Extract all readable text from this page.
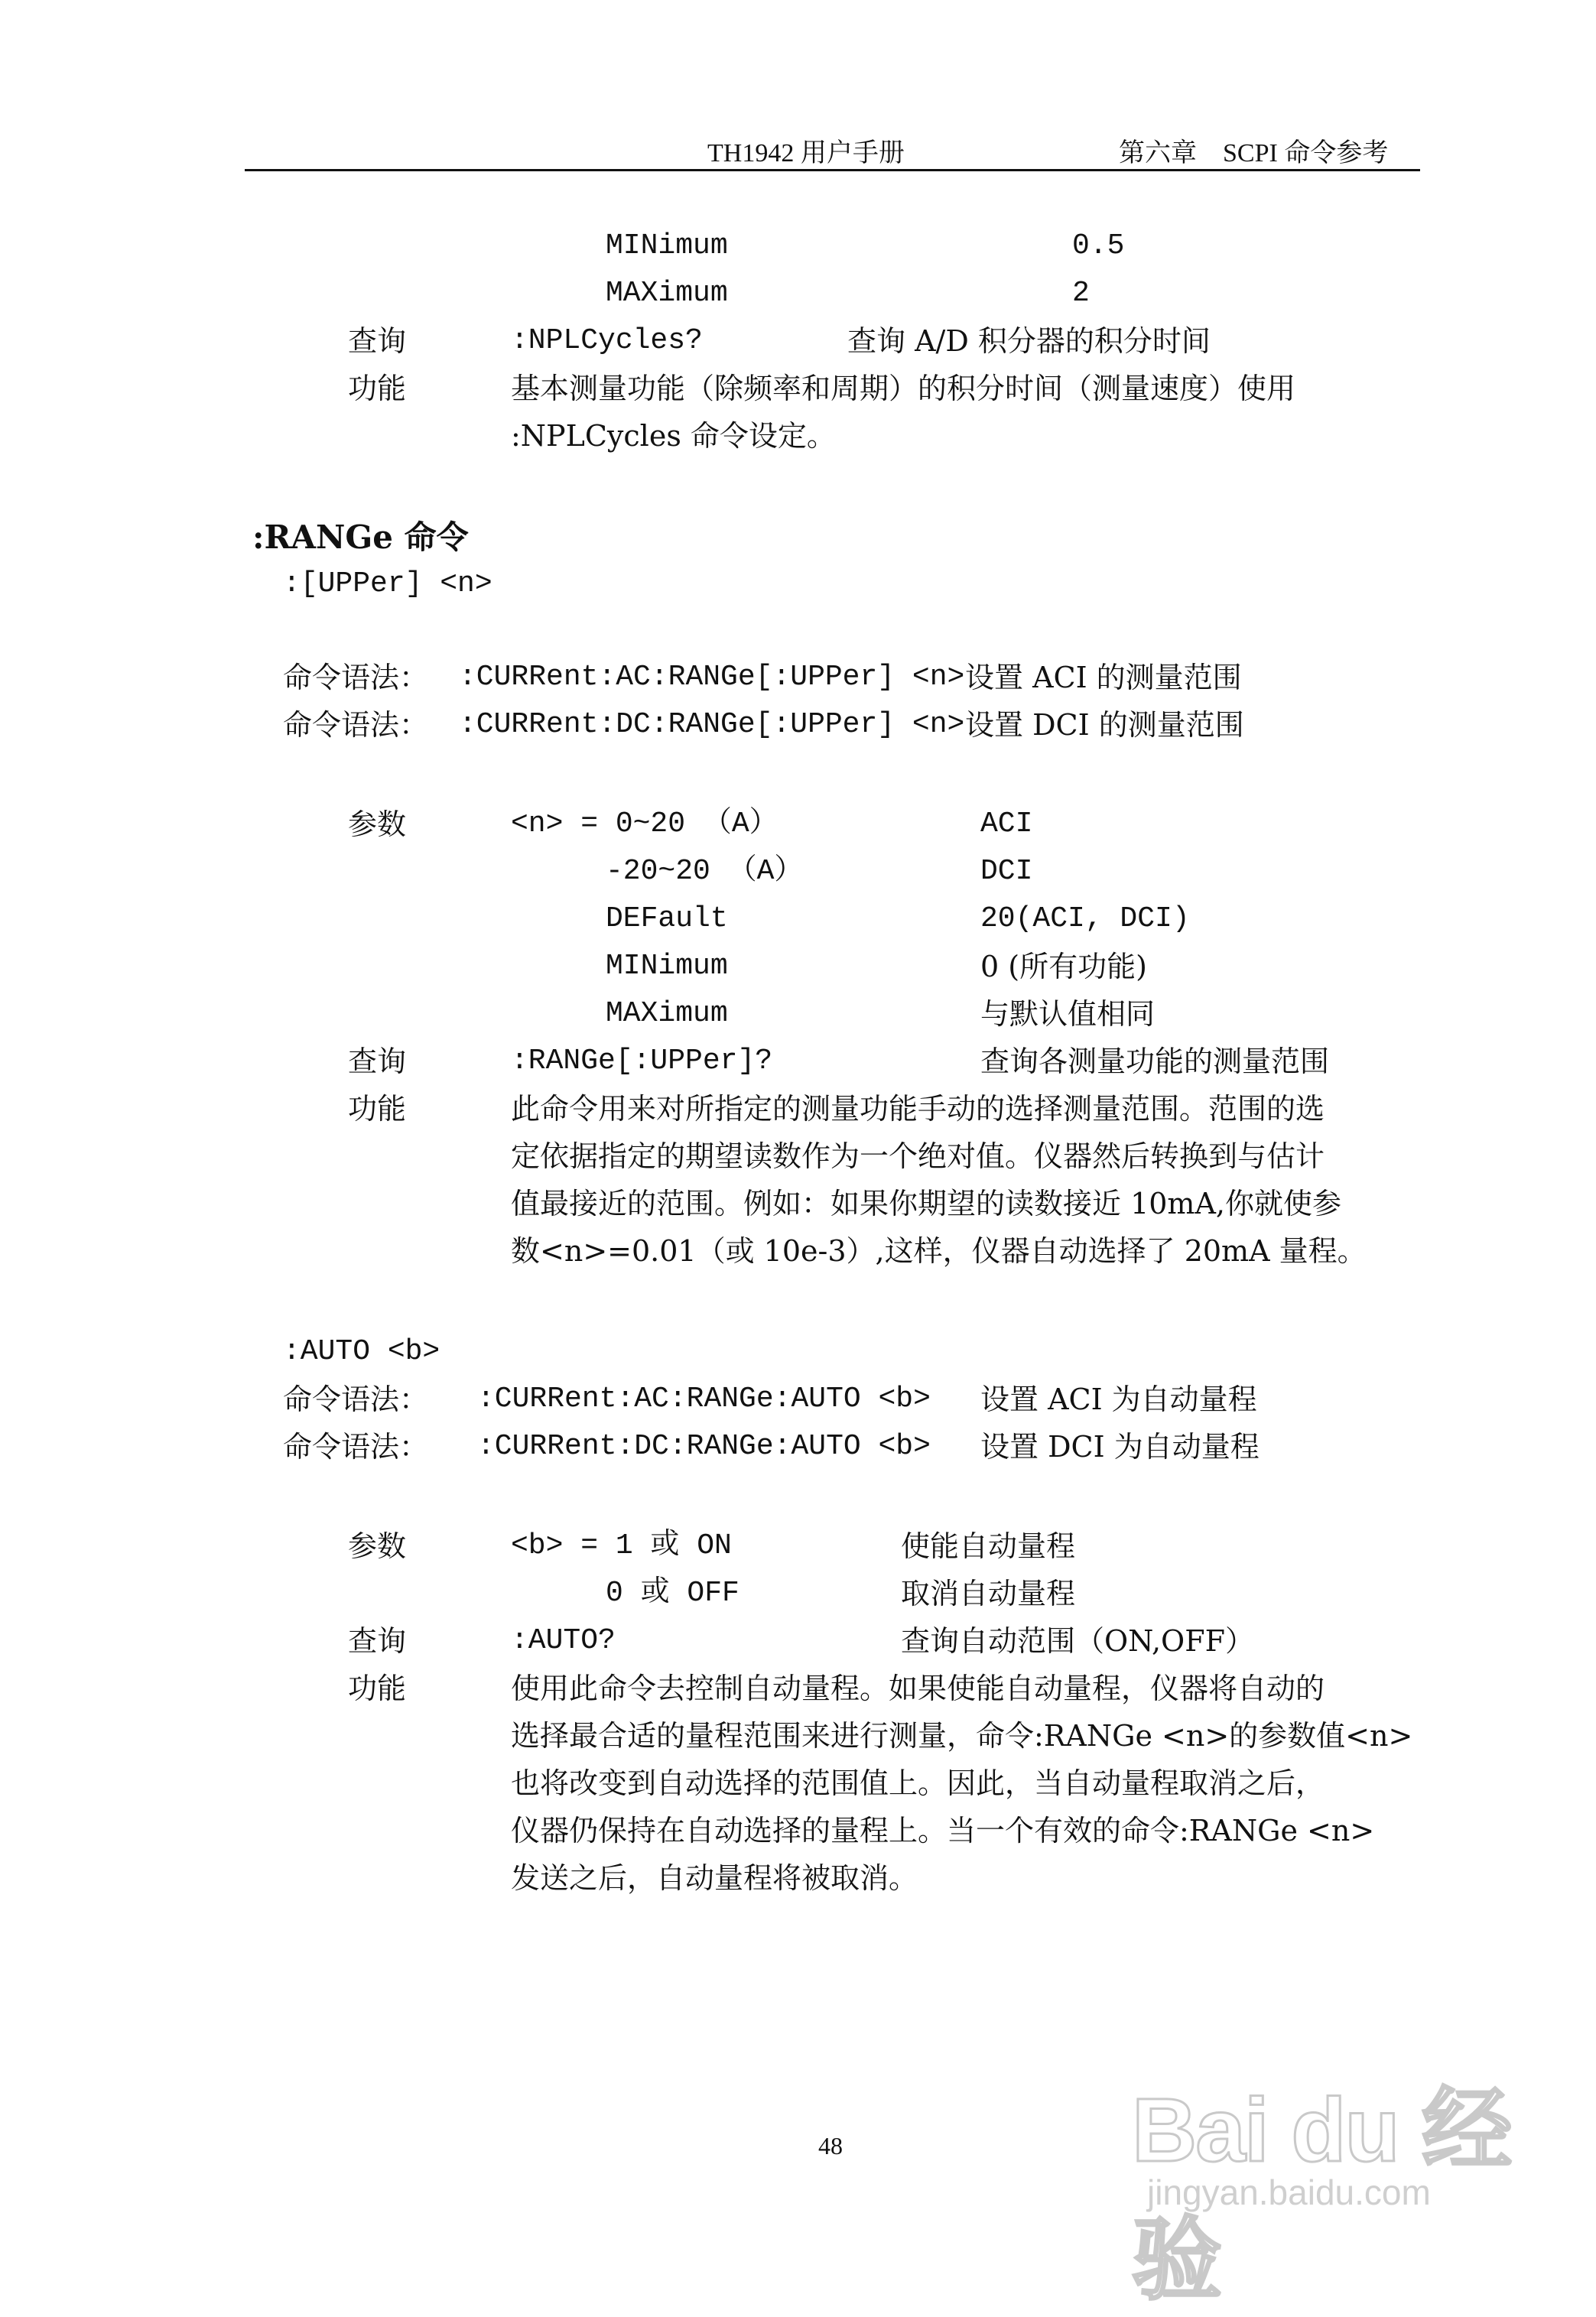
TH1942 用户手册	第六章　SCPI 命令参考
MINimum	0.5
MAXimum	2
查询	:NPLCycles?	查询 A/D 积分器的积分时间
功能	基本测量功能（除频率和周期）的积分时间（测量速度）使用
:NPLCycles 命令设定。
:RANGe 命令
:[UPPer] <n>
命令语法： :CURRent:AC:RANGe[:UPPer] <n> 设置 ACI 的测量范围
命令语法： :CURRent:DC:RANGe[:UPPer] <n> 设置 DCI 的测量范围
参数	<n> = 0~20 （A）	ACI
-20~20 （A）	DCI
DEFault	20(ACI, DCI)
MINimum	0 (所有功能)
MAXimum	与默认值相同
查询	:RANGe[:UPPer]?	查询各测量功能的测量范围
功能	此命令用来对所指定的测量功能手动的选择测量范围。范围的选
定依据指定的期望读数作为一个绝对值。仪器然后转换到与估计
值最接近的范围。例如：如果你期望的读数接近 10mA,你就使参
数<n>=0.01（或 10e-3）,这样，仪器自动选择了 20mA 量程。
:AUTO <b>
命令语法： :CURRent:AC:RANGe:AUTO <b> 设置 ACI 为自动量程
命令语法： :CURRent:DC:RANGe:AUTO <b> 设置 DCI 为自动量程
参数	<b> = 1 或 ON	使能自动量程
0 或 OFF	取消自动量程
查询	:AUTO?	查询自动范围（ON,OFF）
功能	使用此命令去控制自动量程。如果使能自动量程，仪器将自动的
选择最合适的量程范围来进行测量，命令:RANGe <n>的参数值<n>
也将改变到自动选择的范围值上。因此，当自动量程取消之后，
仪器仍保持在自动选择的量程上。当一个有效的命令:RANGe <n>
发送之后，自动量程将被取消。
48	Bai du 经验
jingyan.baidu.com
